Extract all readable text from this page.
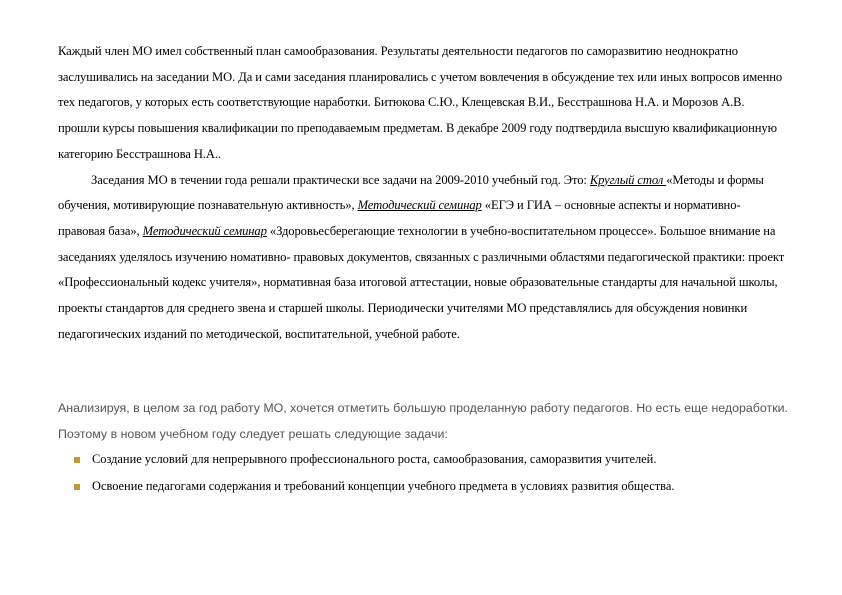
Каждый член МО имел собственный план самообразования. Результаты деятельности педагогов по саморазвитию неоднократно заслушивались на заседании МО. Да и сами заседания планировались с учетом вовлечения в обсуждение тех или иных вопросов именно тех педагогов, у которых есть соответствующие наработки. Битюкова С.Ю., Клещевская В.И., Бесстрашнова Н.А. и Морозов А.В. прошли курсы повышения квалификации по преподаваемым предметам. В декабре 2009 году подтвердила высшую квалификационную категорию Бесстрашнова Н.А..

Заседания МО в течении года решали практически все задачи на 2009-2010 учебный год. Это: Круглый стол «Методы и формы обучения, мотивирующие познавательную активность», Методический семинар «ЕГЭ и ГИА – основные аспекты и нормативно-правовая база», Методический семинар «Здоровьесберегающие технологии в учебно-воспитательном процессе». Большое внимание на заседаниях уделялось изучению номативно- правовых документов, связанных с различными областями педагогической практики: проект «Профессиональный кодекс учителя», нормативная база итоговой аттестации, новые образовательные стандарты для начальной школы, проекты стандартов для среднего звена и старшей школы. Периодически учителями МО представлялись для обсуждения новинки педагогических изданий по методической, воспитательной, учебной работе.

Анализируя, в целом за год работу МО, хочется отметить большую проделанную работу педагогов. Но есть еще недоработки. Поэтому в новом учебном году следует решать следующие задачи:

Создание условий для непрерывного профессионального роста, самообразования, саморазвития учителей.
Освоение педагогами содержания и требований концепции учебного предмета в условиях развития общества.
